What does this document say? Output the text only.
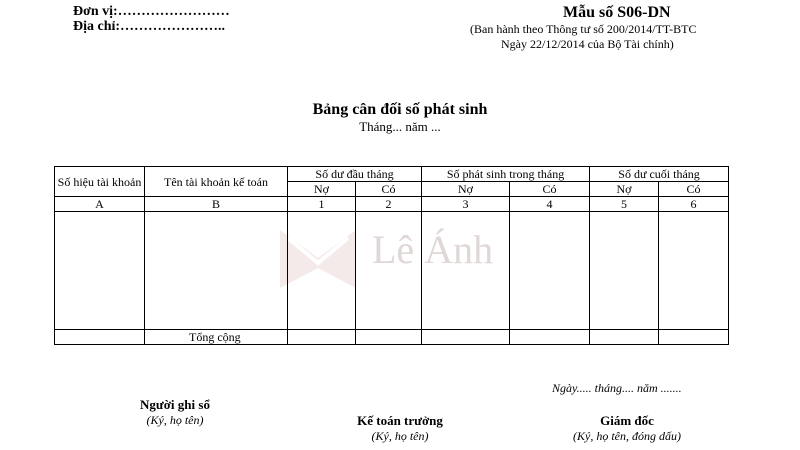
Đơn vị:……………………
Địa chỉ:…………………..
Mẫu số S06-DN
(Ban hành theo Thông tư số 200/2014/TT-BTC
Ngày 22/12/2014 của Bộ Tài chính)
Bảng cân đối số phát sinh
Tháng... năm ...
Lê Ánh
Số hiệu tài khoản	Tên tài khoản kế toán	Số dư đầu tháng		Số phát sinh trong tháng		Số dư cuối tháng	
		Nợ	Có	Nợ	Có	Nợ	Có
A	B	1	2	3	4	5	6

	Tổng cộng						
Ngày..... tháng.... năm .......
Người ghi sổ
(Ký, họ tên)	Kế toán trưởng
(Ký, họ tên)
Giám đốc
(Ký, họ tên, đóng dấu)
